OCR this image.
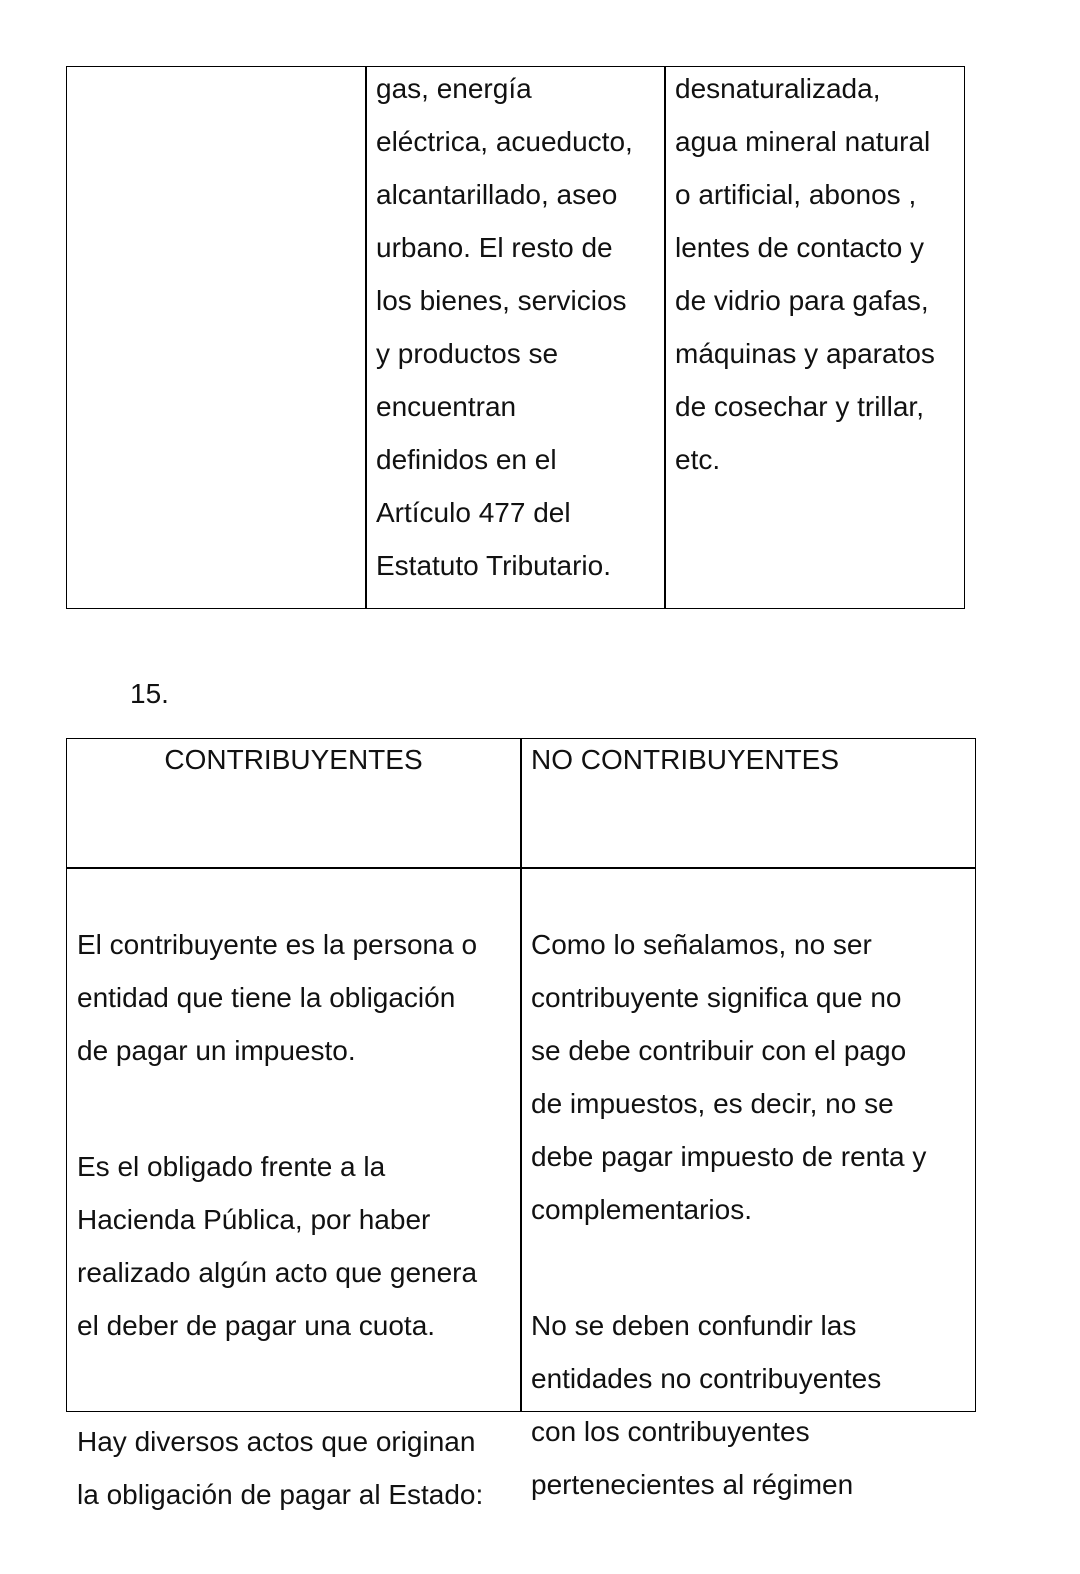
gas, energía
eléctrica, acueducto,
alcantarillado, aseo
urbano. El resto de
los bienes, servicios
y productos se
encuentran
definidos en el
Artículo 477 del
Estatuto Tributario.
desnaturalizada,
agua mineral natural
o artificial, abonos ,
lentes de contacto y
de vidrio para gafas,
máquinas y aparatos
de cosechar y trillar,
etc.
15.
CONTRIBUYENTES	NO CONTRIBUYENTES

El contribuyente es la persona o
entidad que tiene la obligación
de pagar un impuesto.

Es el obligado frente a la
Hacienda Pública, por haber
realizado algún acto que genera
el deber de pagar una cuota.

Hay diversos actos que originan
la obligación de pagar al Estado:

Como lo señalamos, no ser
contribuyente significa que no
se debe contribuir con el pago
de impuestos, es decir, no se
debe pagar impuesto de renta y
complementarios.

No se deben confundir las
entidades no contribuyentes
con los contribuyentes
pertenecientes al régimen
